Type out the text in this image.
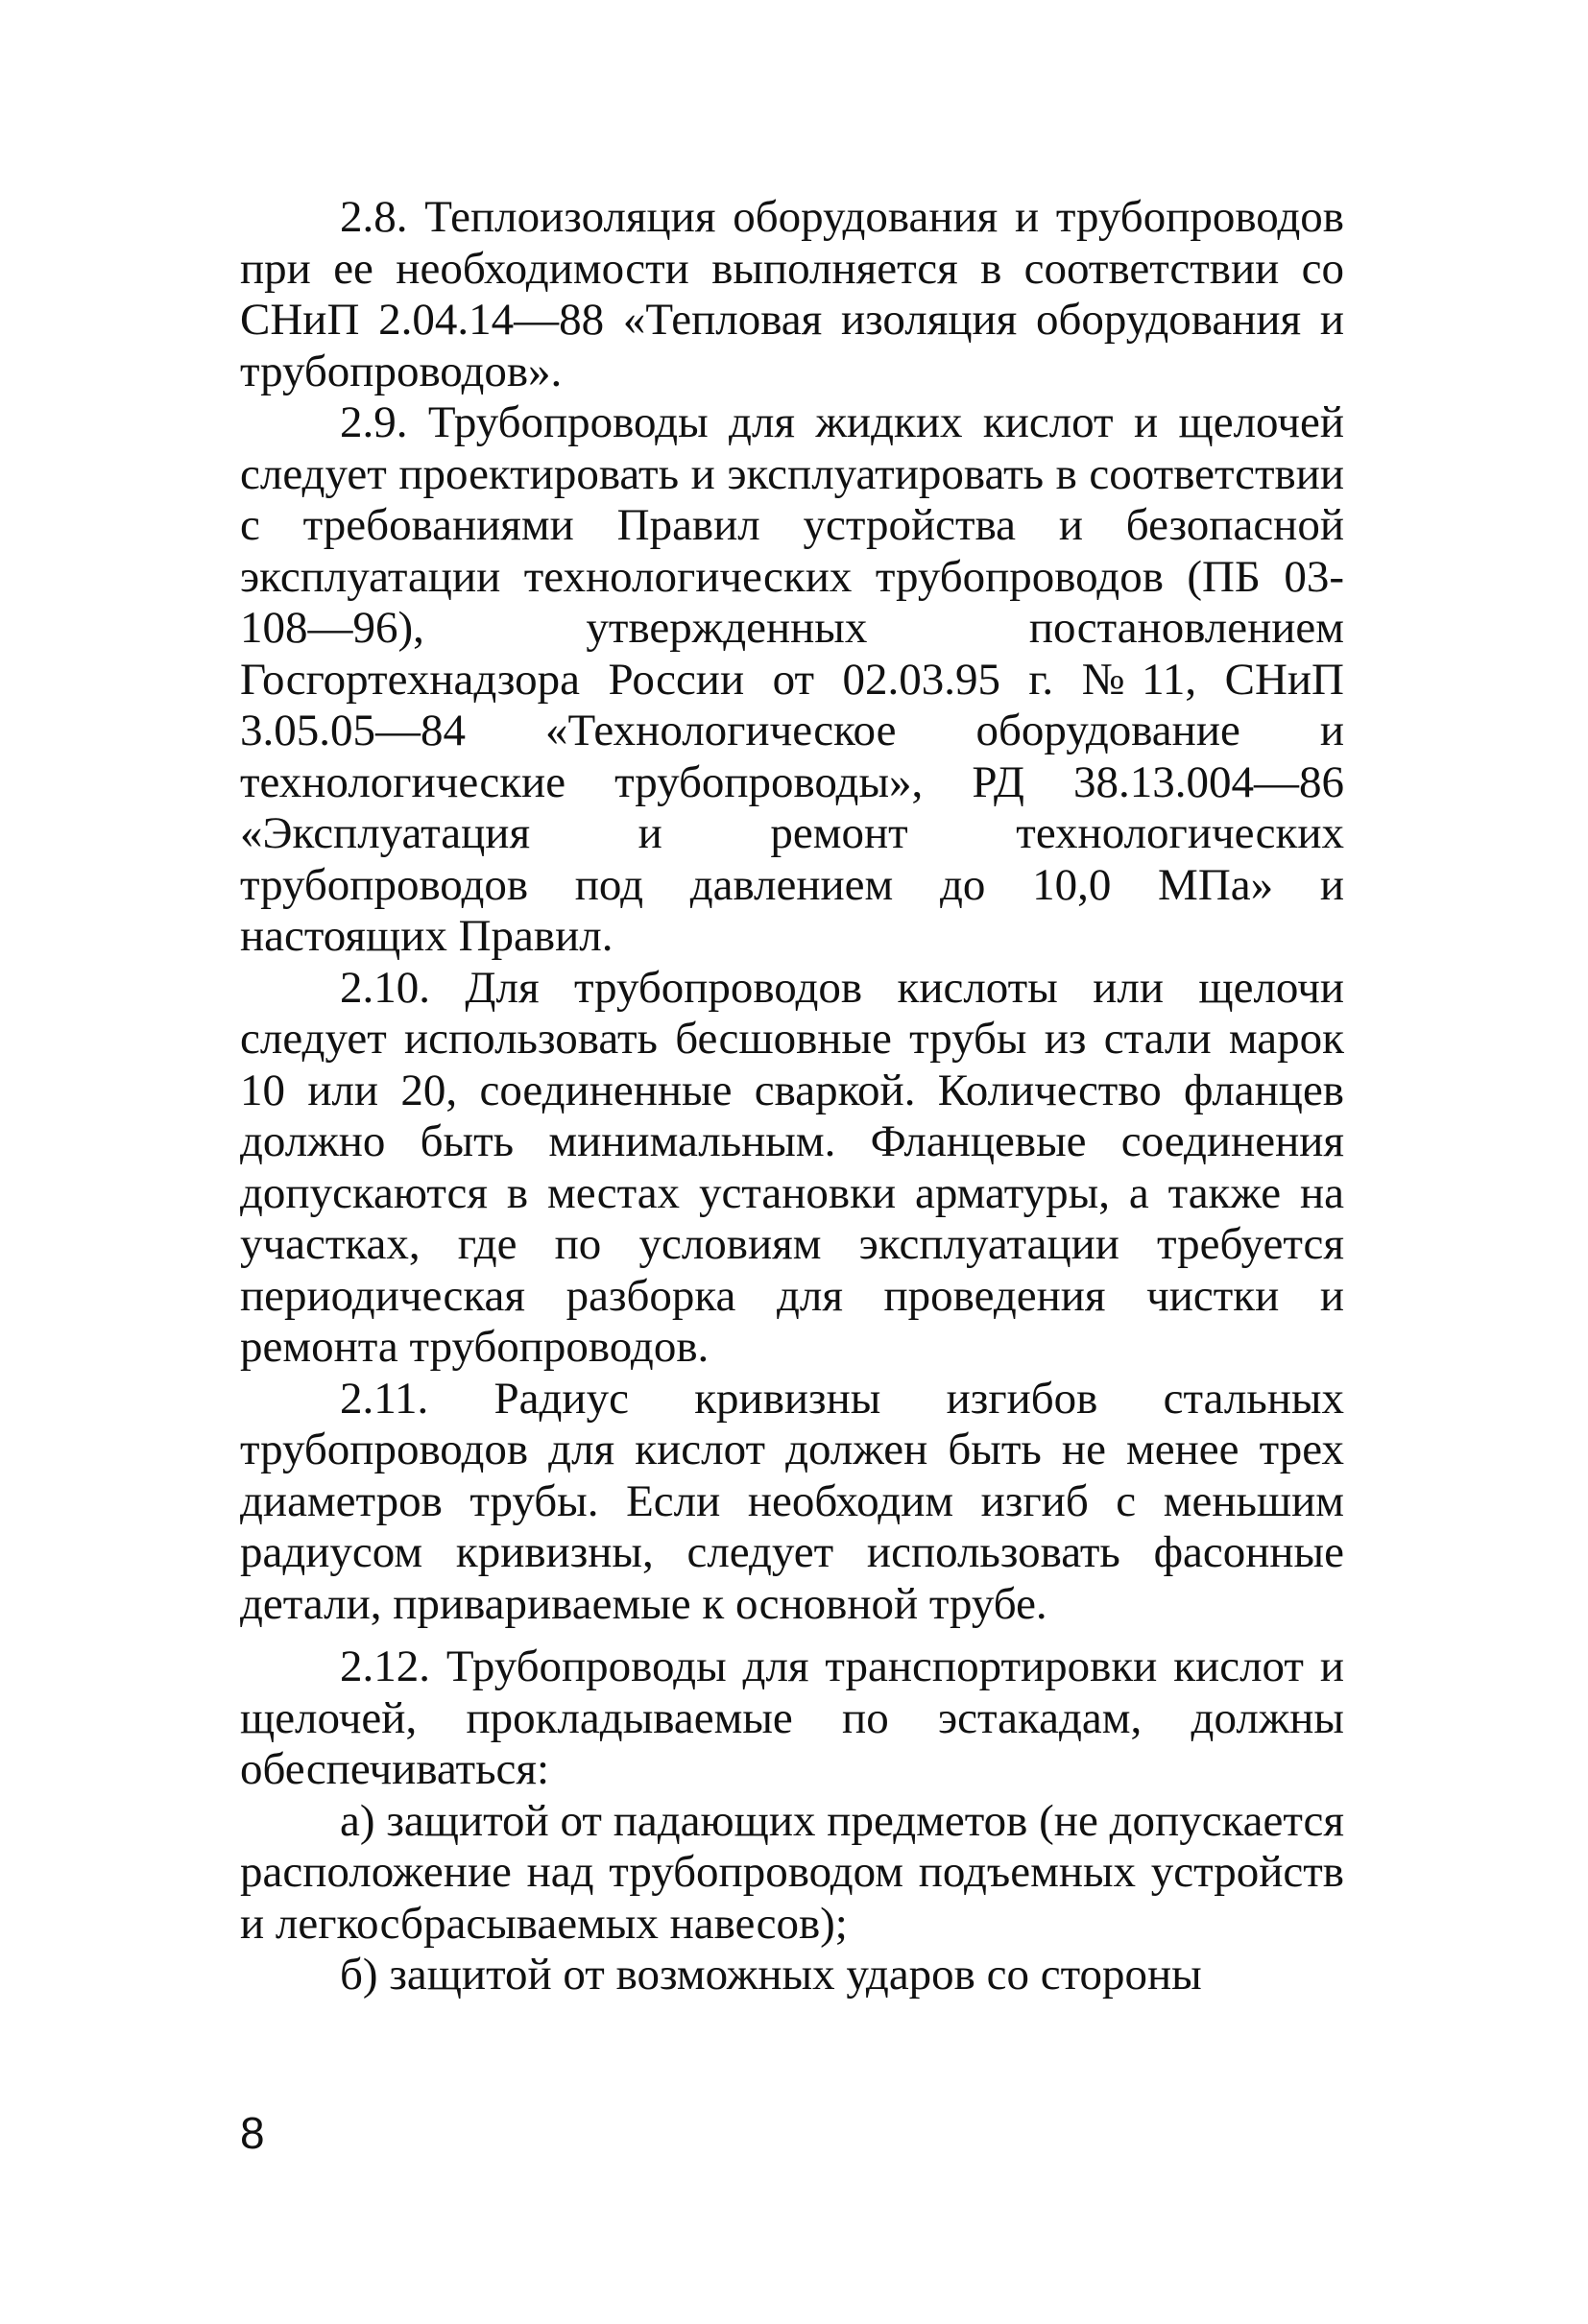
2.8. Теплоизоляция оборудования и трубопроводов при ее необходимости выполняется в соответствии со СНиП 2.04.14—88 «Тепловая изоляция оборудования и трубопроводов».

2.9. Трубопроводы для жидких кислот и щелочей следует проектировать и эксплуатировать в соответствии с требованиями Правил устройства и безопасной эксплуатации технологических трубопроводов (ПБ 03-108—96), утвержденных постановлением Госгортехнадзора России от 02.03.95 г. №11, СНиП 3.05.05—84 «Технологическое оборудование и технологические трубопроводы», РД 38.13.004—86 «Эксплуатация и ремонт технологических трубопроводов под давлением до 10,0 МПа» и настоящих Правил.

2.10. Для трубопроводов кислоты или щелочи следует использовать бесшовные трубы из стали марок 10 или 20, соединенные сваркой. Количество фланцев должно быть минимальным. Фланцевые соединения допускаются в местах установки арматуры, а также на участках, где по условиям эксплуатации требуется периодическая разборка для проведения чистки и ремонта трубопроводов.

2.11. Радиус кривизны изгибов стальных трубопроводов для кислот должен быть не менее трех диаметров трубы. Если необходим изгиб с меньшим радиусом кривизны, следует использовать фасонные детали, привариваемые к основной трубе.

2.12. Трубопроводы для транспортировки кислот и щелочей, прокладываемые по эстакадам, должны обеспечиваться:

а) защитой от падающих предметов (не допускается расположение над трубопроводом подъемных устройств и легкосбрасываемых навесов);

б) защитой от возможных ударов со стороны

8
